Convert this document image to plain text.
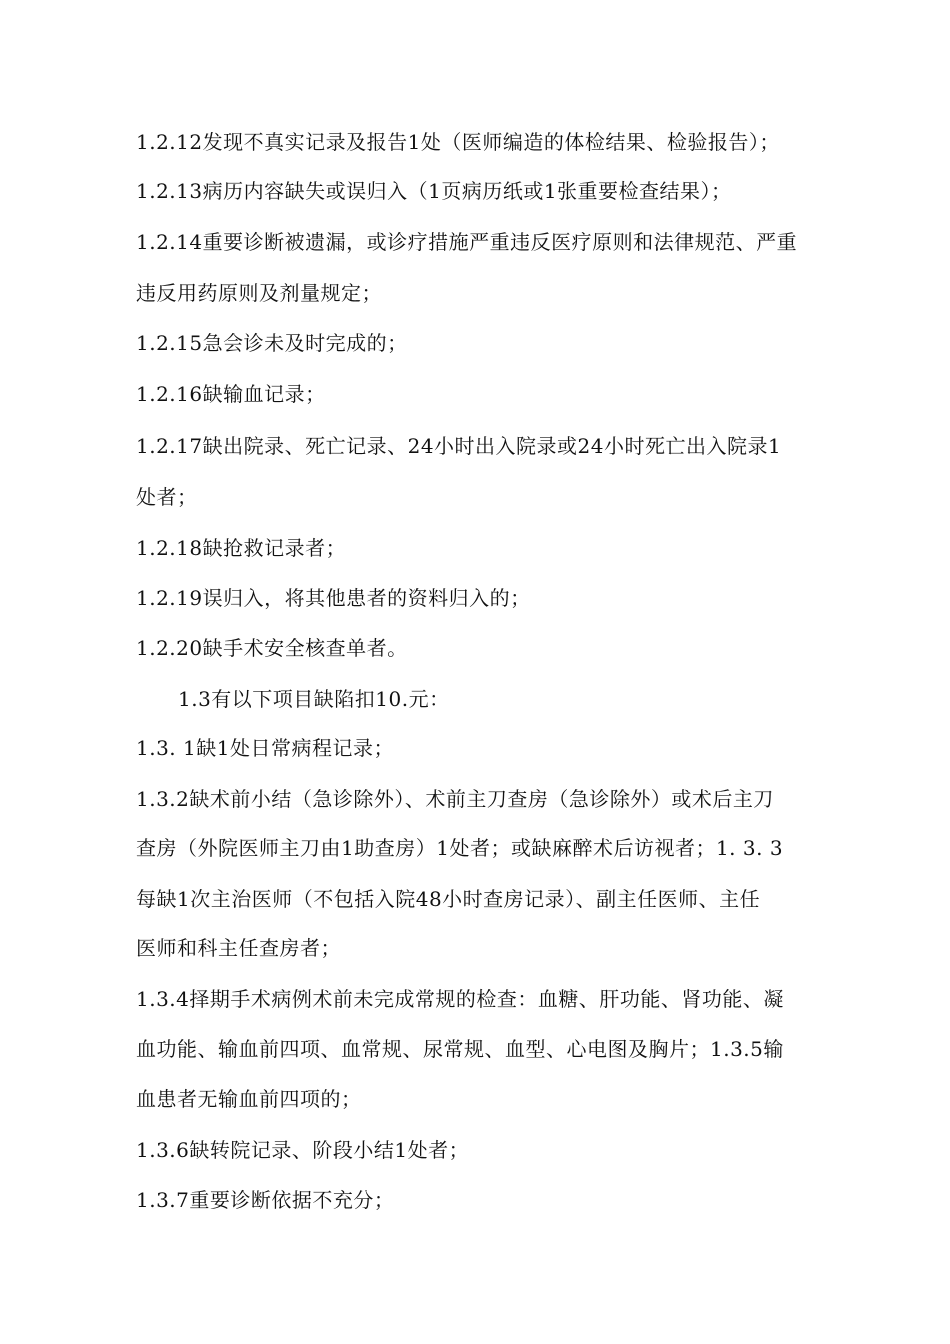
1.2.12发现不真实记录及报告1处（医师编造的体检结果、检验报告）；
1.2.13病历内容缺失或误归入（1页病历纸或1张重要检查结果）；
1.2.14重要诊断被遗漏，或诊疗措施严重违反医疗原则和法律规范、严重
违反用药原则及剂量规定；
1.2.15急会诊未及时完成的；
1.2.16缺输血记录；
1.2.17缺出院录、死亡记录、24小时出入院录或24小时死亡出入院录1
处者；
1.2.18缺抢救记录者；
1.2.19误归入，将其他患者的资料归入的；
1.2.20缺手术安全核查单者。
1.3有以下项目缺陷扣10.元：
1.3. 1缺1处日常病程记录；
1.3.2缺术前小结（急诊除外）、术前主刀查房（急诊除外）或术后主刀
查房（外院医师主刀由1助查房）1处者；或缺麻醉术后访视者；1. 3. 3
每缺1次主治医师（不包括入院48小时查房记录）、副主任医师、主任
医师和科主任查房者；
1.3.4择期手术病例术前未完成常规的检查：血糖、肝功能、肾功能、凝
血功能、输血前四项、血常规、尿常规、血型、心电图及胸片；1.3.5输
血患者无输血前四项的；
1.3.6缺转院记录、阶段小结1处者；
1.3.7重要诊断依据不充分；
